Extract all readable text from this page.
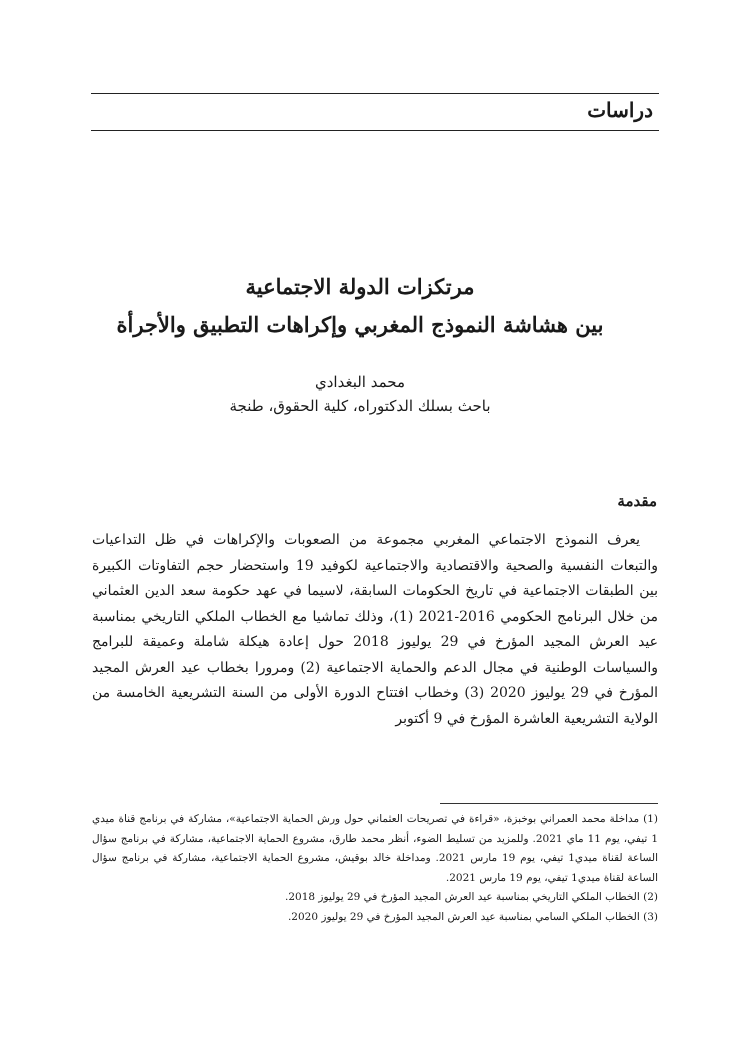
دراسات
مرتكزات الدولة الاجتماعية
بين هشاشة النموذج المغربي وإكراهات التطبيق والأجرأة
محمد البغدادي
باحث بسلك الدكتوراه، كلية الحقوق، طنجة
مقدمة

يعرف النموذج الاجتماعي المغربي مجموعة من الصعوبات والإكراهات في ظل التداعيات والتبعات النفسية والصحية والاقتصادية والاجتماعية لكوفيد 19 واستحضار حجم التفاوتات الكبيرة بين الطبقات الاجتماعية في تاريخ الحكومات السابقة، لاسيما في عهد حكومة سعد الدين العثماني من خلال البرنامج الحكومي 2016-2021 (1)، وذلك تماشيا مع الخطاب الملكي التاريخي بمناسبة عيد العرش المجيد المؤرخ في 29 يوليوز 2018 حول إعادة هيكلة شاملة وعميقة للبرامج والسياسات الوطنية في مجال الدعم والحماية الاجتماعية (2) ومرورا بخطاب عيد العرش المجيد المؤرخ في 29 يوليوز 2020 (3) وخطاب افتتاح الدورة الأولى من السنة التشريعية الخامسة من الولاية التشريعية العاشرة المؤرخ في 9 أكتوبر

(1) مداخلة محمد العمراني بوخبزة، «قراءة في تصريحات العثماني حول ورش الحماية الاجتماعية»، مشاركة في برنامج قناة ميدي 1 تيفي، يوم 11 ماي 2021. وللمزيد من تسليط الضوء، أنظر محمد طارق، مشروع الحماية الاجتماعية، مشاركة في برنامج سؤال الساعة لقناة ميدي1 تيفي، يوم 19 مارس 2021. ومداخلة خالد بوقيش، مشروع الحماية الاجتماعية، مشاركة في برنامج سؤال الساعة لقناة ميدي1 تيفي، يوم 19 مارس 2021.

(2) الخطاب الملكي التاريخي بمناسبة عيد العرش المجيد المؤرخ في 29 يوليوز 2018.

(3) الخطاب الملكي السامي بمناسبة عيد العرش المجيد المؤرخ في 29 يوليوز 2020.
